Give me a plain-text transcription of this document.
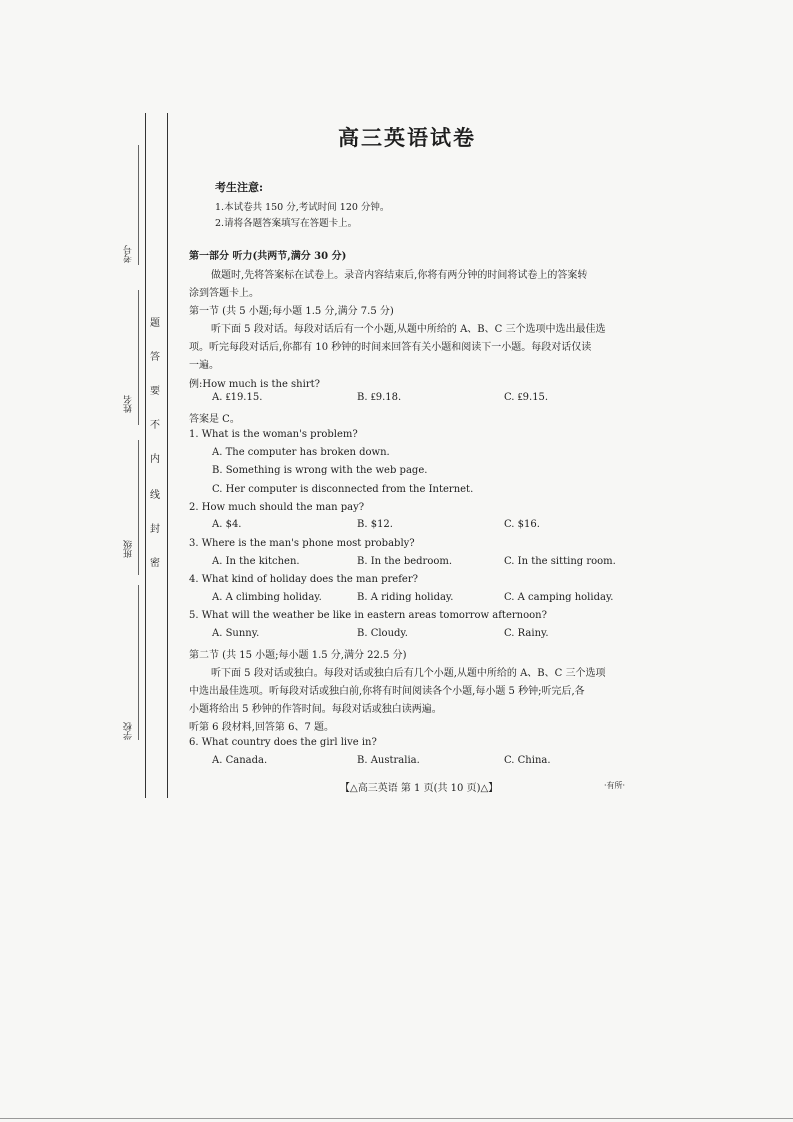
考号
姓名
班级
学校
题
答
要
不
内
线
封
密
高三英语试卷
考生注意:
1.本试卷共 150 分,考试时间 120 分钟。
2.请将各题答案填写在答题卡上。
第一部分 听力(共两节,满分 30 分)
做题时,先将答案标在试卷上。录音内容结束后,你将有两分钟的时间将试卷上的答案转
涂到答题卡上。
第一节 (共 5 小题;每小题 1.5 分,满分 7.5 分)
听下面 5 段对话。每段对话后有一个小题,从题中所给的 A、B、C 三个选项中选出最佳选
项。听完每段对话后,你都有 10 秒钟的时间来回答有关小题和阅读下一小题。每段对话仅读
一遍。
例:How much is the shirt?
A. ₤19.15.	B. ₤9.18.	C. ₤9.15.
答案是 C。
1. What is the woman's problem?
A. The computer has broken down.
B. Something is wrong with the web page.
C. Her computer is disconnected from the Internet.
2. How much should the man pay?
A. $4.	B. $12.	C. $16.
3. Where is the man's phone most probably?
A. In the kitchen.	B. In the bedroom.	C. In the sitting room.
4. What kind of holiday does the man prefer?
A. A climbing holiday.	B. A riding holiday.	C. A camping holiday.
5. What will the weather be like in eastern areas tomorrow afternoon?
A. Sunny.	B. Cloudy.	C. Rainy.
第二节 (共 15 小题;每小题 1.5 分,满分 22.5 分)
听下面 5 段对话或独白。每段对话或独白后有几个小题,从题中所给的 A、B、C 三个选项
中选出最佳选项。听每段对话或独白前,你将有时间阅读各个小题,每小题 5 秒钟;听完后,各
小题将给出 5 秒钟的作答时间。每段对话或独白读两遍。
听第 6 段材料,回答第 6、7 题。
6. What country does the girl live in?
A. Canada.	B. Australia.	C. China.
【△高三英语 第 1 页(共 10 页)△】	·有所·
